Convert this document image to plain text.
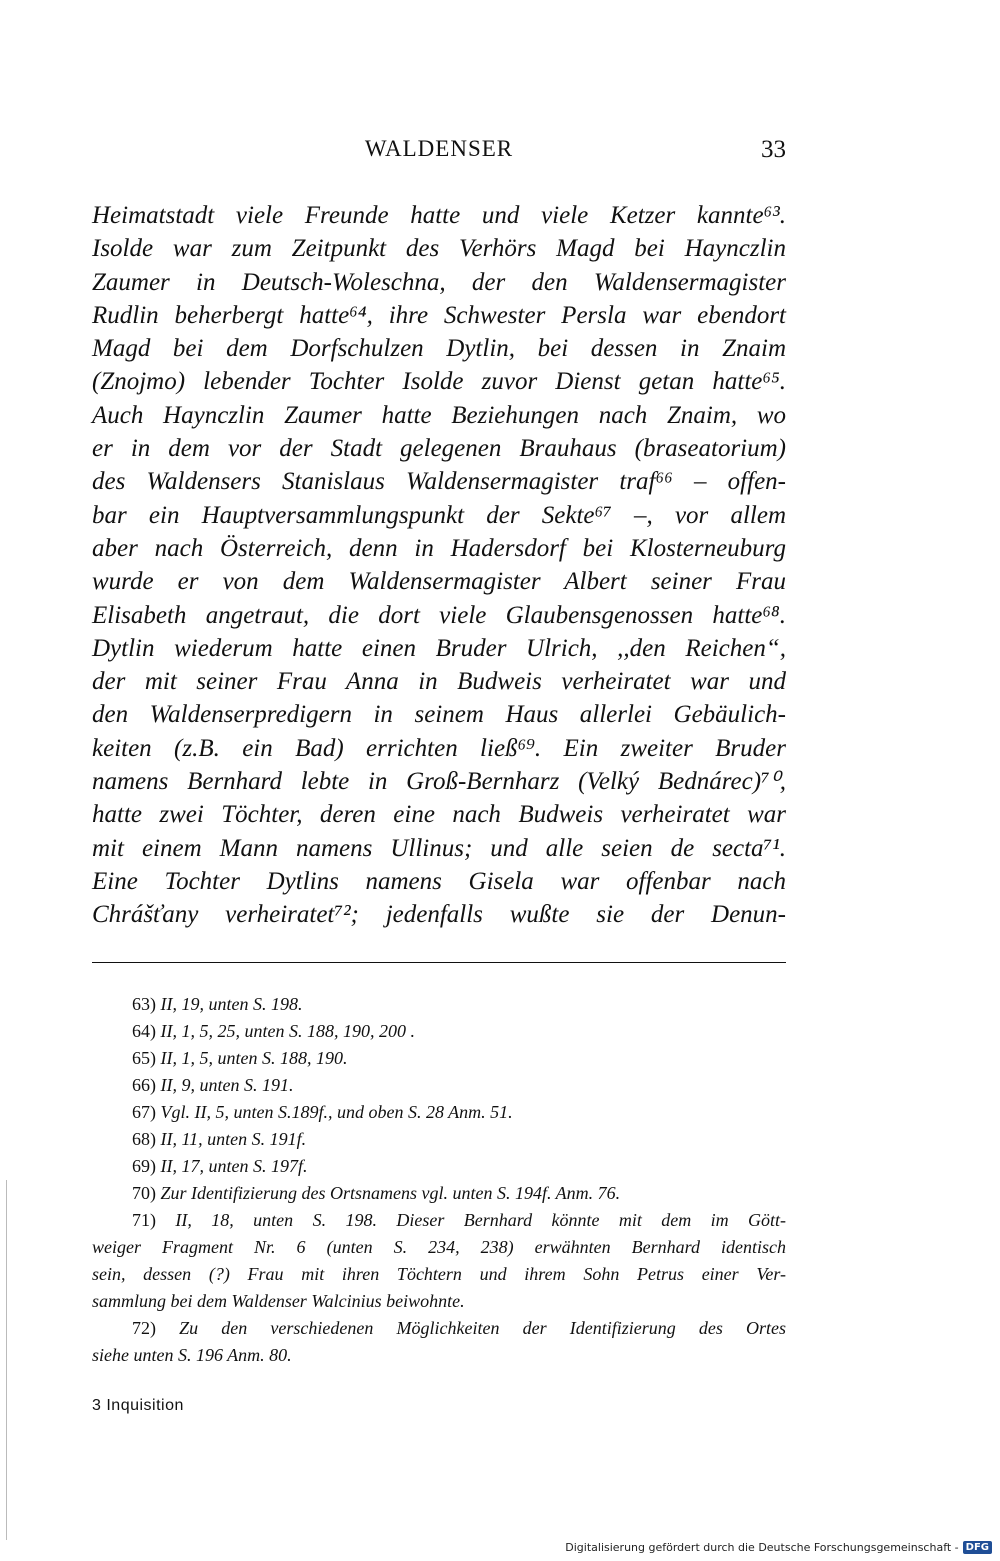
WALDENSER	33
Heimatstadt viele Freunde hatte und viele Ketzer kannte⁶³.
Isolde war zum Zeitpunkt des Verhörs Magd bei Haynczlin
Zaumer in Deutsch-Woleschna, der den Waldensermagister
Rudlin beherbergt hatte⁶⁴, ihre Schwester Persla war ebendort
Magd bei dem Dorfschulzen Dytlin, bei dessen in Znaim
(Znojmo) lebender Tochter Isolde zuvor Dienst getan hatte⁶⁵.
Auch Haynczlin Zaumer hatte Beziehungen nach Znaim, wo
er in dem vor der Stadt gelegenen Brauhaus (braseatorium)
des Waldensers Stanislaus Waldensermagister traf⁶⁶ – offen-
bar ein Hauptversammlungspunkt der Sekte⁶⁷ –, vor allem
aber nach Österreich, denn in Hadersdorf bei Klosterneuburg
wurde er von dem Waldensermagister Albert seiner Frau
Elisabeth angetraut, die dort viele Glaubensgenossen hatte⁶⁸.
Dytlin wiederum hatte einen Bruder Ulrich, ,,den Reichen“,
der mit seiner Frau Anna in Budweis verheiratet war und
den Waldenserpredigern in seinem Haus allerlei Gebäulich-
keiten (z.B. ein Bad) errichten ließ⁶⁹. Ein zweiter Bruder
namens Bernhard lebte in Groß-Bernharz (Velký Bednárec)⁷⁰,
hatte zwei Töchter, deren eine nach Budweis verheiratet war
mit einem Mann namens Ullinus; und alle seien de secta⁷¹.
Eine Tochter Dytlins namens Gisela war offenbar nach
Chrášťany verheiratet⁷²; jedenfalls wußte sie der Denun-
63) II, 19, unten S. 198.
64) II, 1, 5, 25, unten S. 188, 190, 200 .
65) II, 1, 5, unten S. 188, 190.
66) II, 9, unten S. 191.
67) Vgl. II, 5, unten S.189f., und oben S. 28 Anm. 51.
68) II, 11, unten S. 191f.
69) II, 17, unten S. 197f.
70) Zur Identifizierung des Ortsnamens vgl. unten S. 194f. Anm. 76.
71) II, 18, unten S. 198. Dieser Bernhard könnte mit dem im Gött-
weiger Fragment Nr. 6 (unten S. 234, 238) erwähnten Bernhard identisch
sein, dessen (?) Frau mit ihren Töchtern und ihrem Sohn Petrus einer Ver-
sammlung bei dem Waldenser Walcinius beiwohnte.
72) Zu den verschiedenen Möglichkeiten der Identifizierung des Ortes
siehe unten S. 196 Anm. 80.
3 Inquisition
Digitalisierung gefördert durch die Deutsche Forschungsgemeinschaft - DFG
